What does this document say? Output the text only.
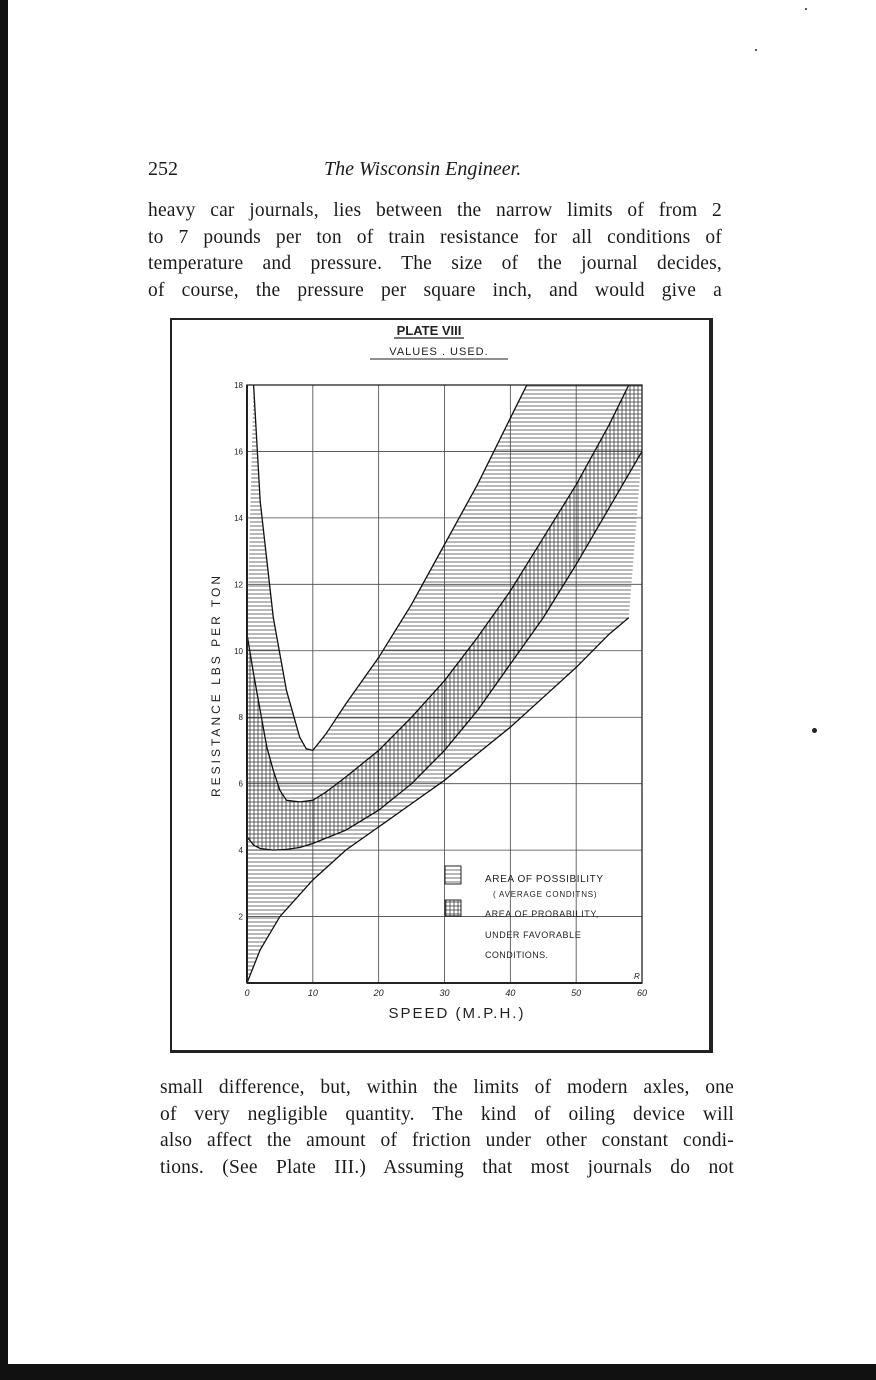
252	The Wisconsin Engineer.
heavy car journals, lies between the narrow limits of from 2
to 7 pounds per ton of train resistance for all conditions of
temperature and pressure. The size of the journal decides,
of course, the pressure per square inch, and would give a
PLATE VIII
VALUES . USED.
0	10	20	30	40	50	60
2
4
6
8
10
12
14
16
18
SPEED (M.P.H.)
RESISTANCE LBS PER TON
AREA OF POSSIBILITY
( AVERAGE CONDITNS)
AREA OF PROBABILITY,
UNDER FAVORABLE
CONDITIONS.
R
small difference, but, within the limits of modern axles, one
of very negligible quantity. The kind of oiling device will
also affect the amount of friction under other constant condi-
tions. (See Plate III.) Assuming that most journals do not
